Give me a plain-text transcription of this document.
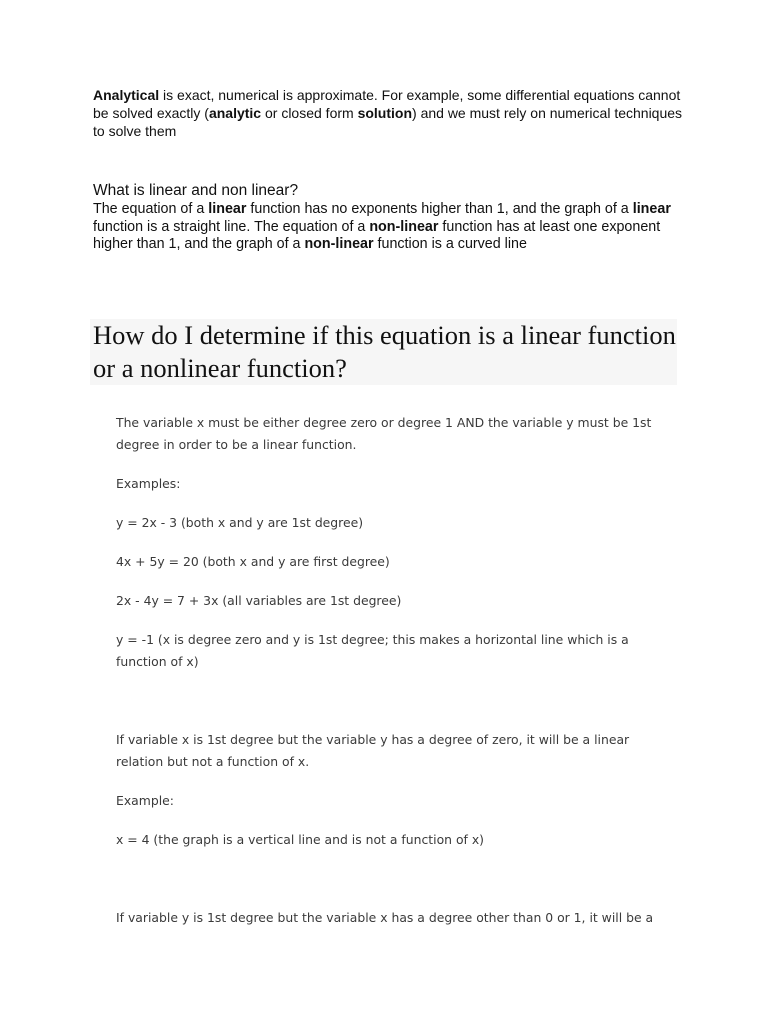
Analytical is exact, numerical is approximate. For example, some differential equations cannot be solved exactly (analytic or closed form solution) and we must rely on numerical techniques to solve them
What is linear and non linear?
The equation of a linear function has no exponents higher than 1, and the graph of a linear function is a straight line. The equation of a non-linear function has at least one exponent higher than 1, and the graph of a non-linear function is a curved line
How do I determine if this equation is a linear function or a nonlinear function?

The variable x must be either degree zero or degree 1 AND the variable y must be 1st degree in order to be a linear function.

Examples:

y = 2x - 3 (both x and y are 1st degree)

4x + 5y = 20 (both x and y are first degree)

2x - 4y = 7 + 3x (all variables are 1st degree)

y = -1 (x is degree zero and y is 1st degree; this makes a horizontal line which is a function of x)

If variable x is 1st degree but the variable y has a degree of zero, it will be a linear relation but not a function of x.

Example:

x = 4 (the graph is a vertical line and is not a function of x)

If variable y is 1st degree but the variable x has a degree other than 0 or 1, it will be a
